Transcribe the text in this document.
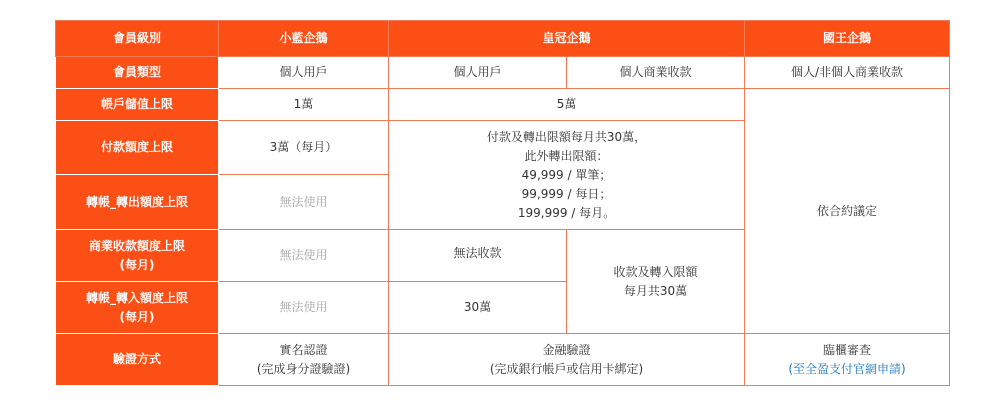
會員級別	小藍企鵝	皇冠企鵝		國王企鵝
會員類型	個人用戶	個人用戶	個人商業收款	個人/非個人商業收款
帳戶儲值上限	1萬	5萬		依合約議定
付款額度上限	3萬（每月）	付款及轉出限額每月共30萬，
此外轉出限額：
49,999 / 單筆；
99,999 / 每日；
199,999 / 每月。		

轉帳_轉出額度上限	無法使用			

商業收款額度上限
(每月)	無法使用	無法收款	收款及轉入限額
每月共30萬	

轉帳_轉入額度上限
(每月)	無法使用	30萬		
驗證方式	實名認證
(完成身分證驗證)	金融驗證
(完成銀行帳戶或信用卡綁定)		臨櫃審查
(至全盈支付官網申請)
